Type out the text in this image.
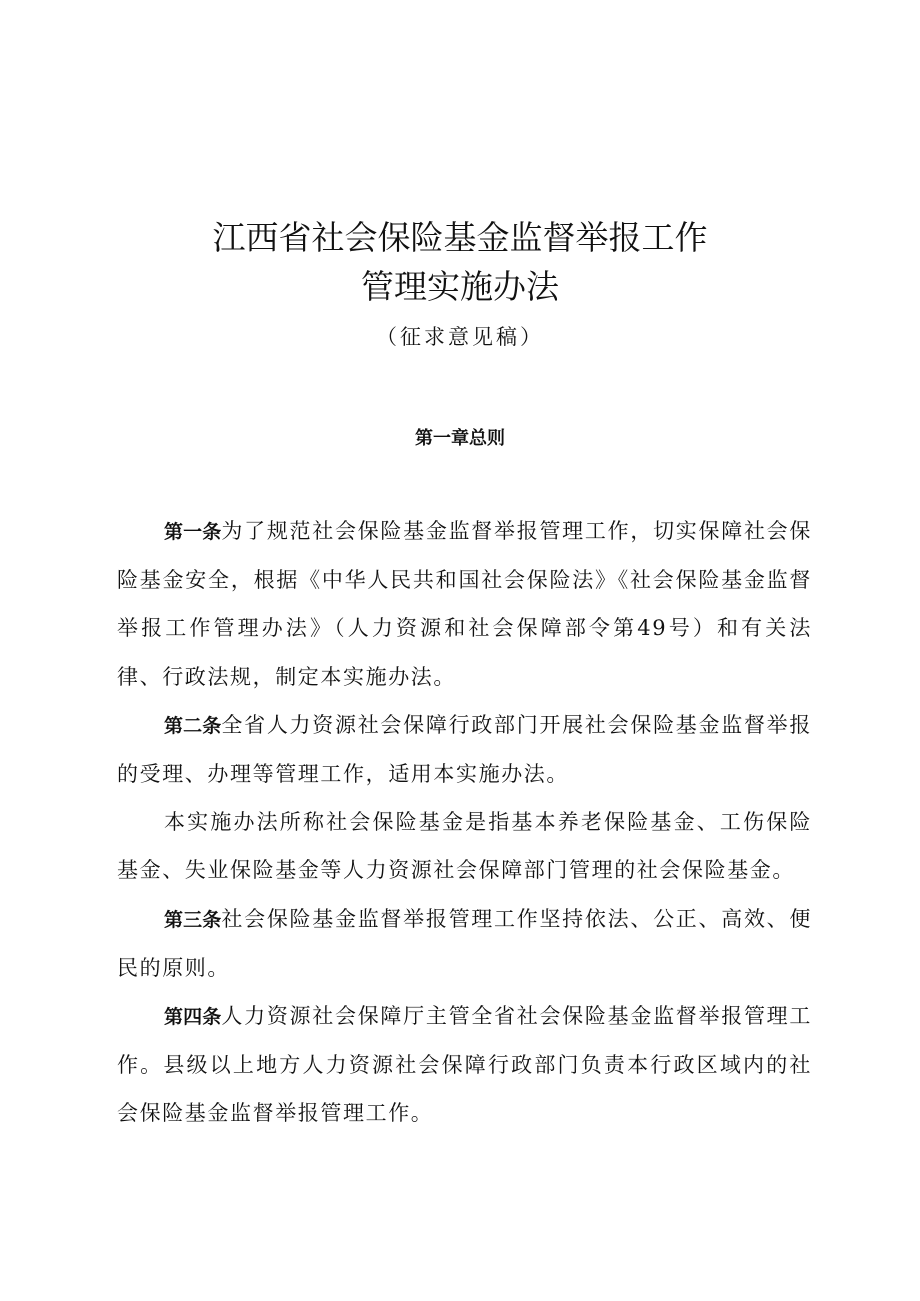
江西省社会保险基金监督举报工作
管理实施办法
（征求意见稿）
第一章总则

第一条为了规范社会保险基金监督举报管理工作，切实保障社会保险基金安全，根据《中华人民共和国社会保险法》《社会保险基金监督举报工作管理办法》（人力资源和社会保障部令第49号）和有关法律、行政法规，制定本实施办法。

第二条全省人力资源社会保障行政部门开展社会保险基金监督举报的受理、办理等管理工作，适用本实施办法。

本实施办法所称社会保险基金是指基本养老保险基金、工伤保险基金、失业保险基金等人力资源社会保障部门管理的社会保险基金。

第三条社会保险基金监督举报管理工作坚持依法、公正、高效、便民的原则。

第四条人力资源社会保障厅主管全省社会保险基金监督举报管理工作。县级以上地方人力资源社会保障行政部门负责本行政区域内的社会保险基金监督举报管理工作。
